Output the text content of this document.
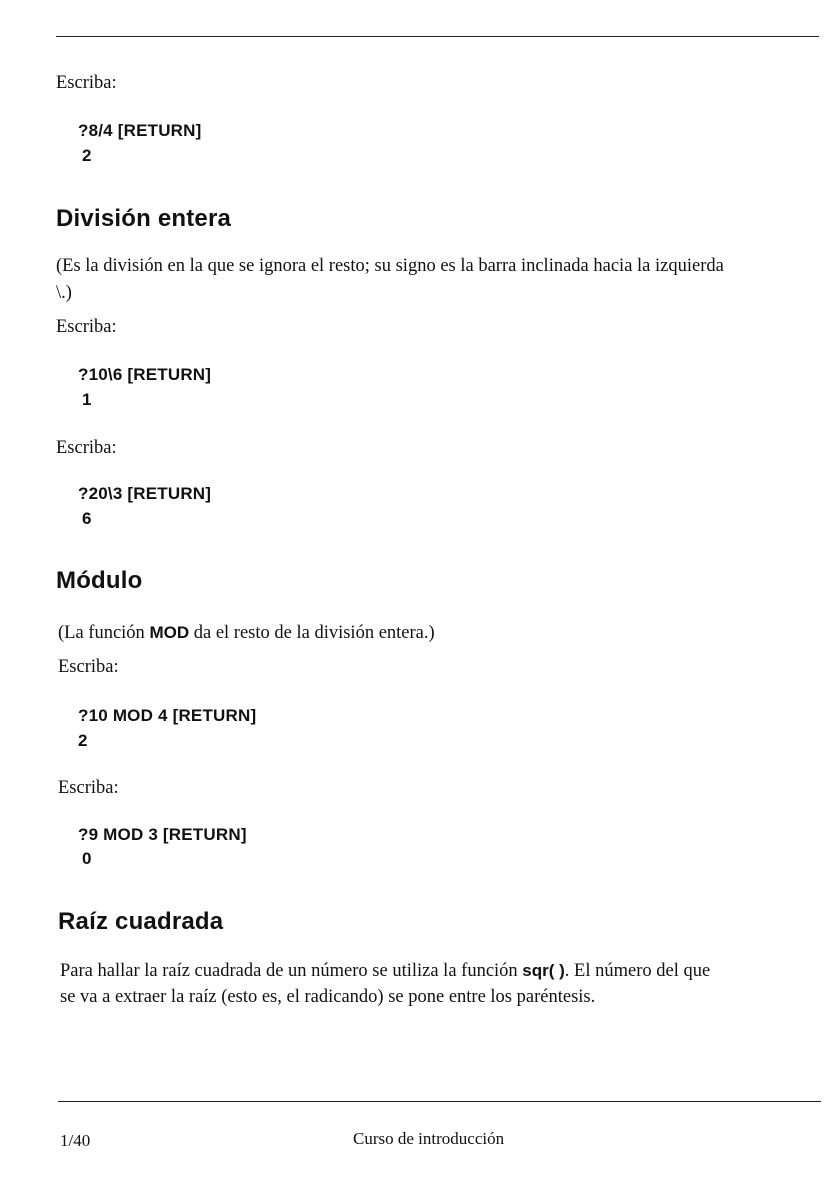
Escriba:
?8/4 [RETURN]
2
División entera
(Es la división en la que se ignora el resto; su signo es la barra inclinada hacia la izquierda
\.)
Escriba:
?10\6 [RETURN]
1
Escriba:
?20\3 [RETURN]
6
Módulo
(La función MOD da el resto de la división entera.)
Escriba:
?10 MOD 4 [RETURN]
2
Escriba:
?9 MOD 3 [RETURN]
0
Raíz cuadrada
Para hallar la raíz cuadrada de un número se utiliza la función sqr( ). El número del que
se va a extraer la raíz (esto es, el radicando) se pone entre los paréntesis.
1/40	Curso de introducción
